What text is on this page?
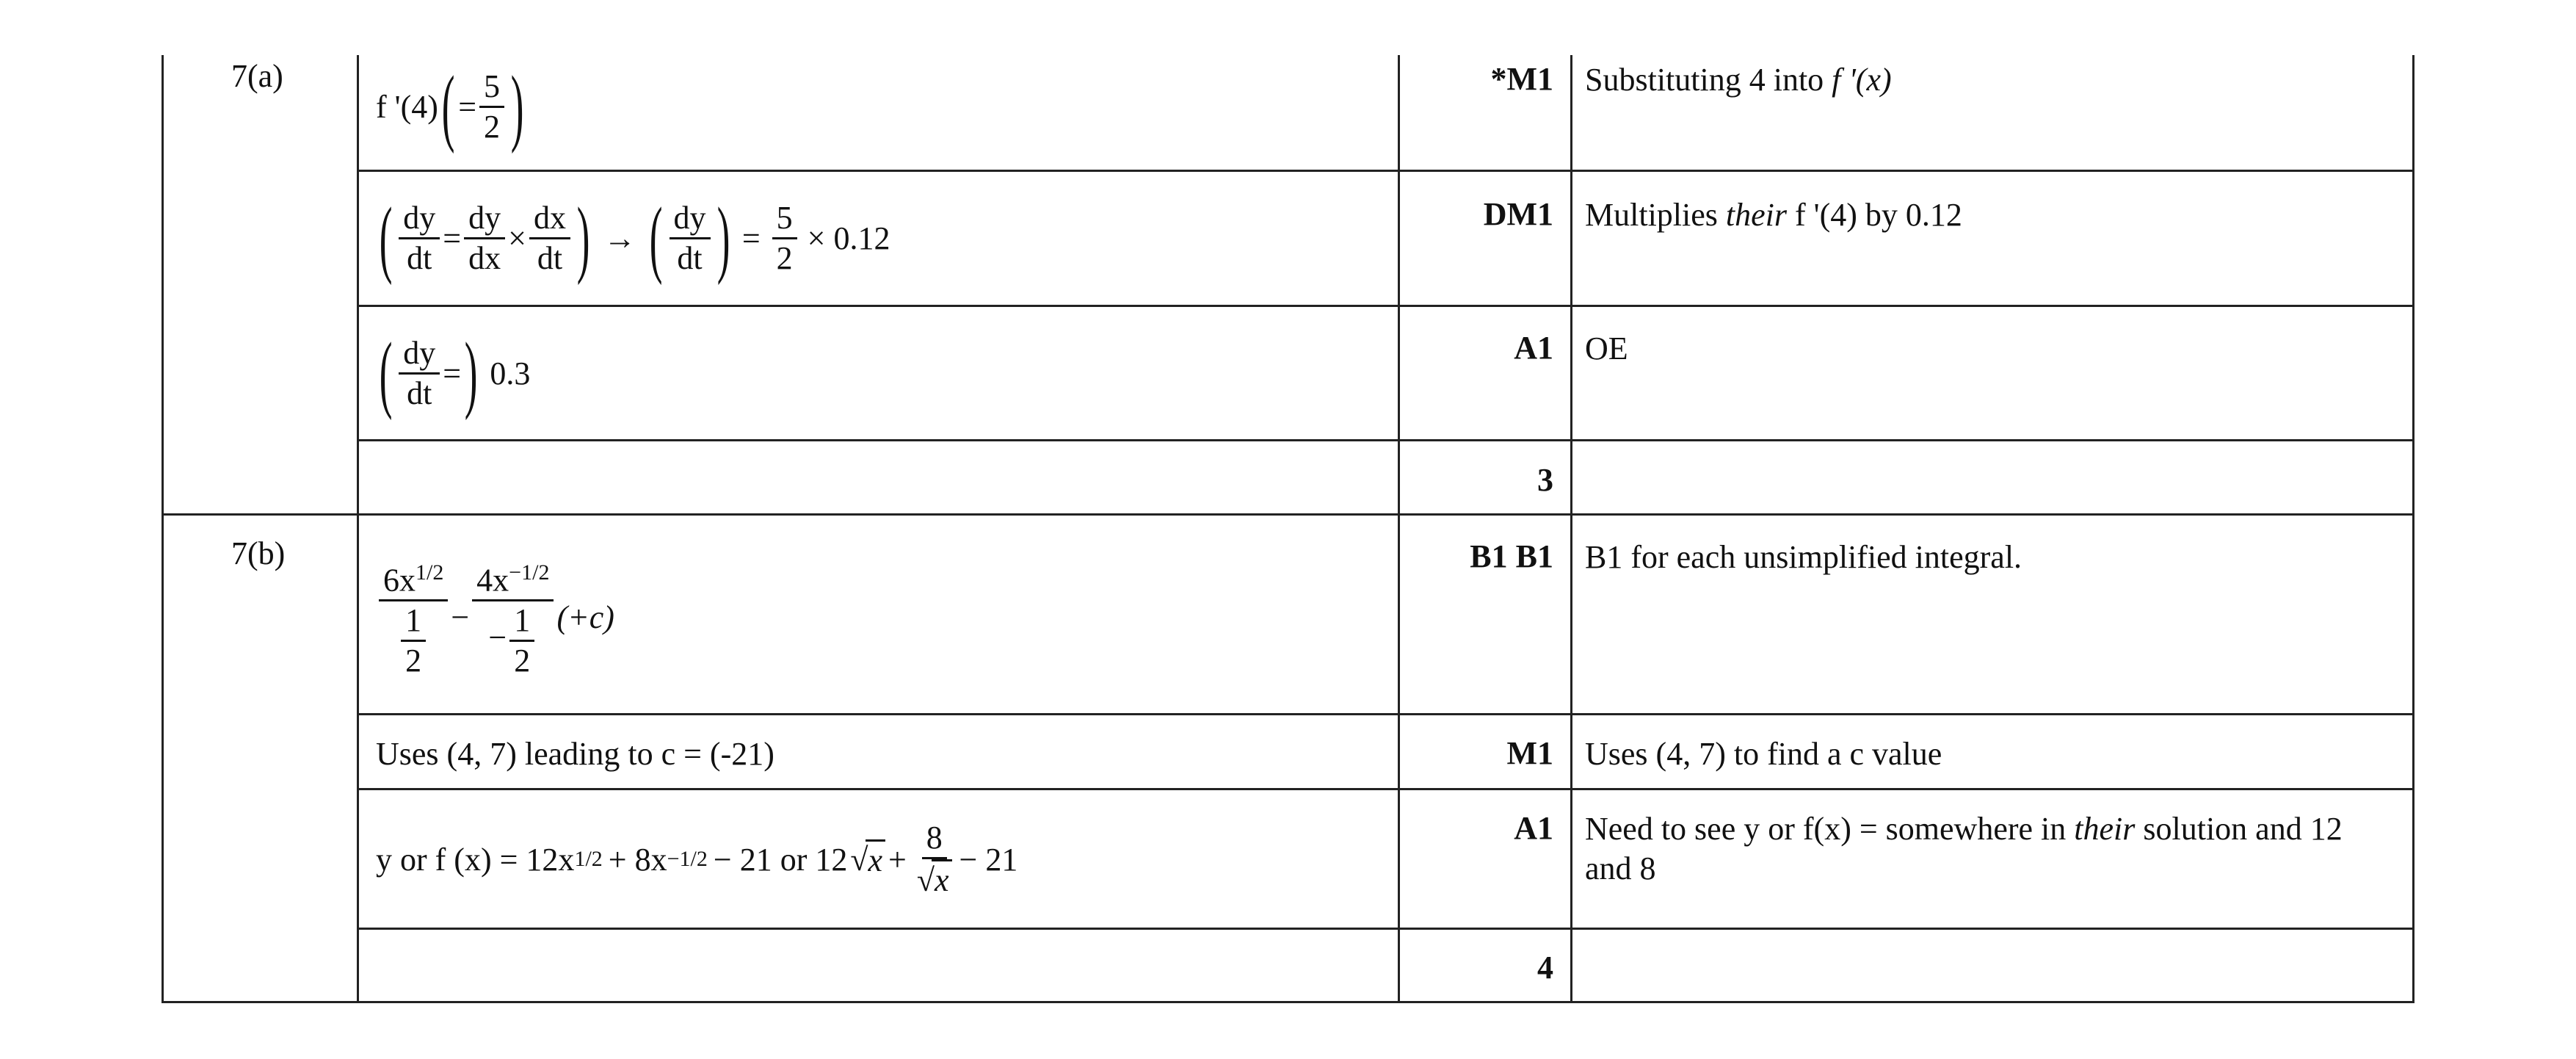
7(a)
f '(4) ( = $\frac{5}{2}$ )	*M1 Substituting 4 into f '(x)
( $\frac{dy}{dt} = \frac{dy}{dx} \times \frac{dx}{dt}$ ) → ( $\frac{dy}{dt}$ ) = $\frac{5}{2} \times 0.12$
DM1 Multiplies their f '(4) by 0.12
( $\frac{dy}{dt}$ = ) 0.3
A1 OE
3
7(b)
$\frac{6x^{1/2}}{\frac{1}{2}} - \frac{4x^{-1/2}}{- \frac{1}{2}} (+c)$
B1 B1 B1 for each unsimplified integral.
Uses (4, 7) leading to c = (-21)	M1 Uses (4, 7) to find a c value
y or f (x) = 12x 1/2 + 8x −1/2 − 21 or 12 √ $x + \frac{8}{√x} - 21$
A1 Need to see y or f(x) = somewhere in their solution and 12 and 8
4
